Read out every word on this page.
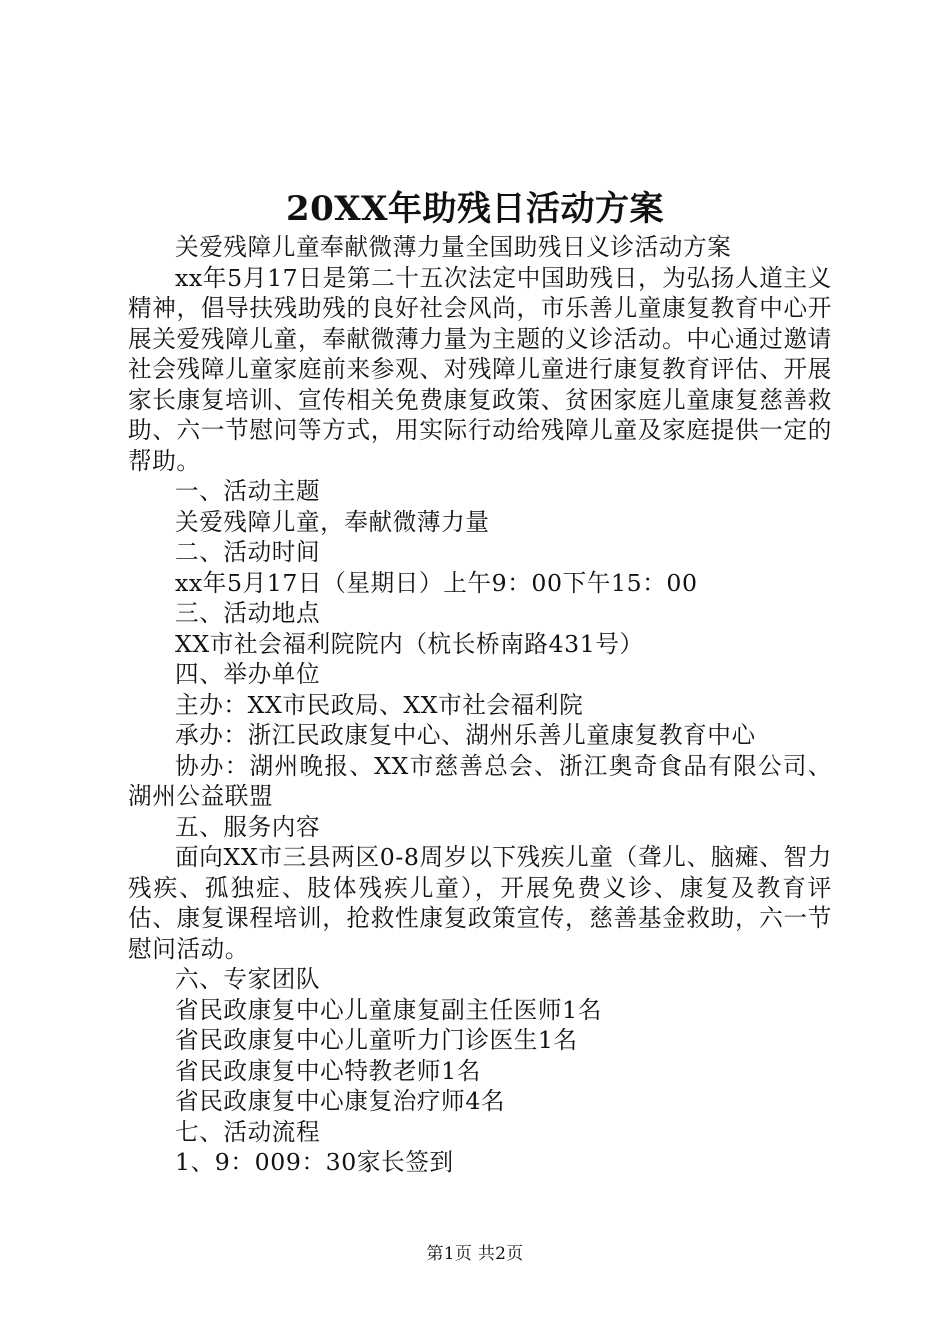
20XX年助残日活动方案

关爱残障儿童奉献微薄力量全国助残日义诊活动方案

xx年5月17日是第二十五次法定中国助残日，为弘扬人道主义精神，倡导扶残助残的良好社会风尚，市乐善儿童康复教育中心开展关爱残障儿童，奉献微薄力量为主题的义诊活动。中心通过邀请社会残障儿童家庭前来参观、对残障儿童进行康复教育评估、开展家长康复培训、宣传相关免费康复政策、贫困家庭儿童康复慈善救助、六一节慰问等方式，用实际行动给残障儿童及家庭提供一定的帮助。

一、活动主题

关爱残障儿童，奉献微薄力量

二、活动时间

xx年5月17日（星期日）上午9：00下午15：00

三、活动地点

XX市社会福利院院内（杭长桥南路431号）

四、举办单位

主办：XX市民政局、XX市社会福利院

承办：浙江民政康复中心、湖州乐善儿童康复教育中心

协办：湖州晚报、XX市慈善总会、浙江奥奇食品有限公司、湖州公益联盟

五、服务内容

面向XX市三县两区0-8周岁以下残疾儿童（聋儿、脑瘫、智力残疾、孤独症、肢体残疾儿童），开展免费义诊、康复及教育评估、康复课程培训，抢救性康复政策宣传，慈善基金救助，六一节慰问活动。

六、专家团队

省民政康复中心儿童康复副主任医师1名

省民政康复中心儿童听力门诊医生1名

省民政康复中心特教老师1名

省民政康复中心康复治疗师4名

七、活动流程

1、9：009：30家长签到

第1页 共2页
